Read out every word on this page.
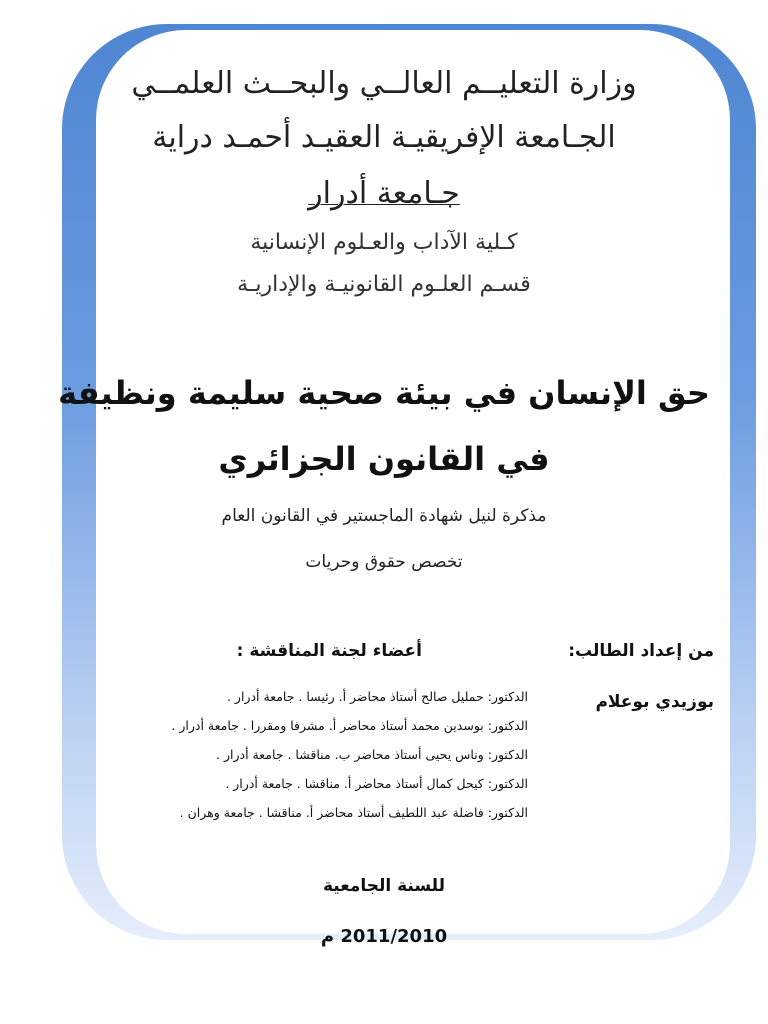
وزارة التعليــم العالــي والبحــث العلمــي
الجـامعة الإفريقيـة العقيـد أحمـد دراية
جـامعة أدرار
كـلية الآداب والعـلوم الإنسانية
قسـم العلـوم القانونيـة والإداريـة
حق الإنسان في بيئة صحية سليمة ونظيفة
في القانون الجزائري
مذكرة لنيل شهادة الماجستير في القانون العام
تخصص حقوق وحريات
من إعداد الطالب:
بوزيدي بوعلام
أعضاء لجنة المناقشة :
الدكتور: حمليل صالح أستاذ محاضر أ. رئيسا . جامعة أدرار .
الدكتور: بوسدين محمد أستاذ محاضر أ. مشرفا ومقررا . جامعة أدرار .
الدكتور: وناس يحيى أستاذ محاضر ب. مناقشا . جامعة أدرار .
الدكتور: كيحل كمال أستاذ محاضر أ. مناقشا . جامعة أدرار .
الدكتور: فاضلة عبد اللطيف أستاذ محاضر أ. مناقشا . جامعة وهران .
للسنة الجامعية
2011/2010 م
